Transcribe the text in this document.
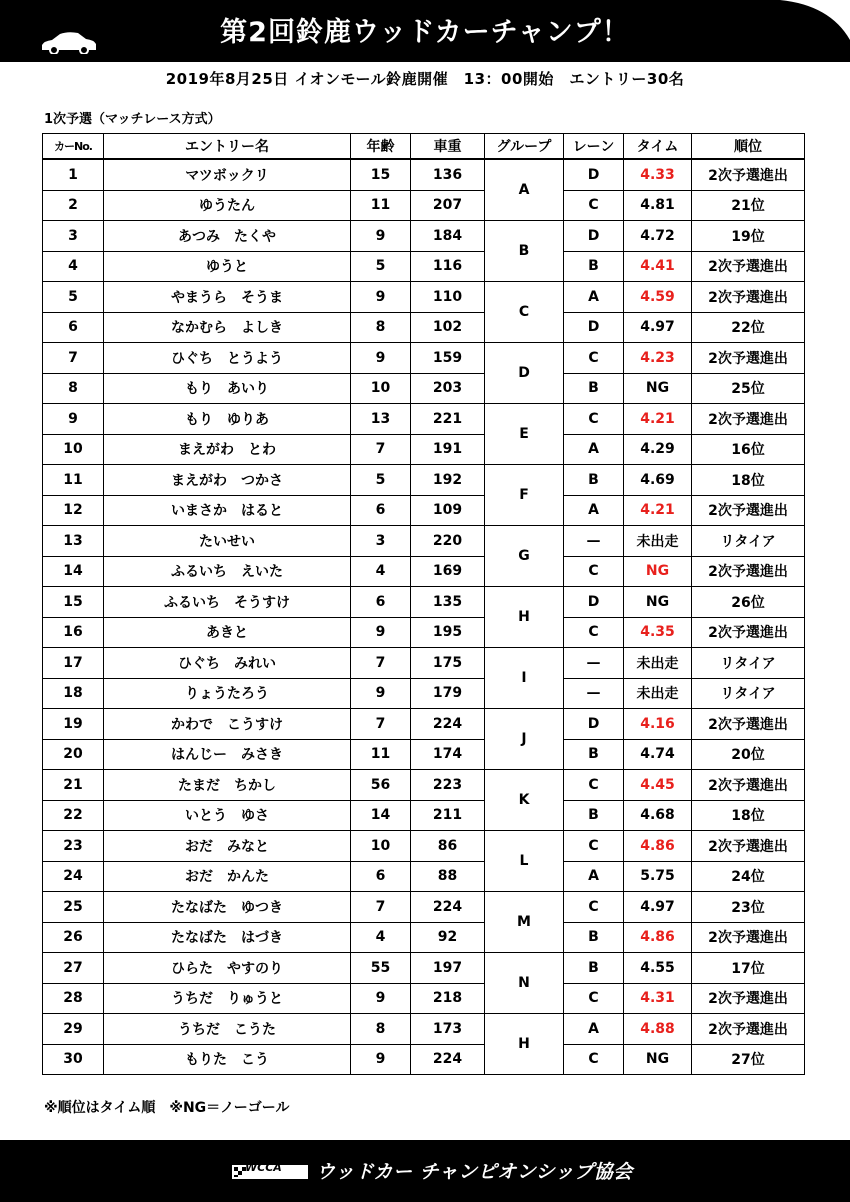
第2回鈴鹿ウッドカーチャンプ！
2019年8月25日 イオンモール鈴鹿開催　13：00開始　エントリー30名
1次予選（マッチレース方式）
カーNo.	エントリー名	年齢	車重	グループ	レーン	タイム	順位
1	マツボックリ	15	136	A	D	4.33	2次予選進出
2	ゆうたん	11	207		C	4.81	21位
3	あつみ　たくや	9	184	B	D	4.72	19位
4	ゆうと	5	116		B	4.41	2次予選進出
5	やまうら　そうま	9	110	C	A	4.59	2次予選進出
6	なかむら　よしき	8	102		D	4.97	22位
7	ひぐち　とうよう	9	159	D	C	4.23	2次予選進出
8	もり　あいり	10	203		B	NG	25位
9	もり　ゆりあ	13	221	E	C	4.21	2次予選進出
10	まえがわ　とわ	7	191		A	4.29	16位
11	まえがわ　つかさ	5	192	F	B	4.69	18位
12	いまさか　はると	6	109		A	4.21	2次予選進出
13	たいせい	3	220	G	—	未出走	リタイア
14	ふるいち　えいた	4	169		C	NG	2次予選進出
15	ふるいち　そうすけ	6	135	H	D	NG	26位
16	あきと	9	195		C	4.35	2次予選進出
17	ひぐち　みれい	7	175	I	—	未出走	リタイア
18	りょうたろう	9	179		—	未出走	リタイア
19	かわで　こうすけ	7	224	J	D	4.16	2次予選進出
20	はんじー　みさき	11	174		B	4.74	20位
21	たまだ　ちかし	56	223	K	C	4.45	2次予選進出
22	いとう　ゆさ	14	211		B	4.68	18位
23	おだ　みなと	10	86	L	C	4.86	2次予選進出
24	おだ　かんた	6	88		A	5.75	24位
25	たなばた　ゆつき	7	224	M	C	4.97	23位
26	たなばた　はづき	4	92		B	4.86	2次予選進出
27	ひらた　やすのり	55	197	N	B	4.55	17位
28	うちだ　りゅうと	9	218		C	4.31	2次予選進出
29	うちだ　こうた	8	173	H	A	4.88	2次予選進出
30	もりた　こう	9	224		C	NG	27位
※順位はタイム順　※NG＝ノーゴール
WCCA ウッドカー チャンピオンシップ協会
